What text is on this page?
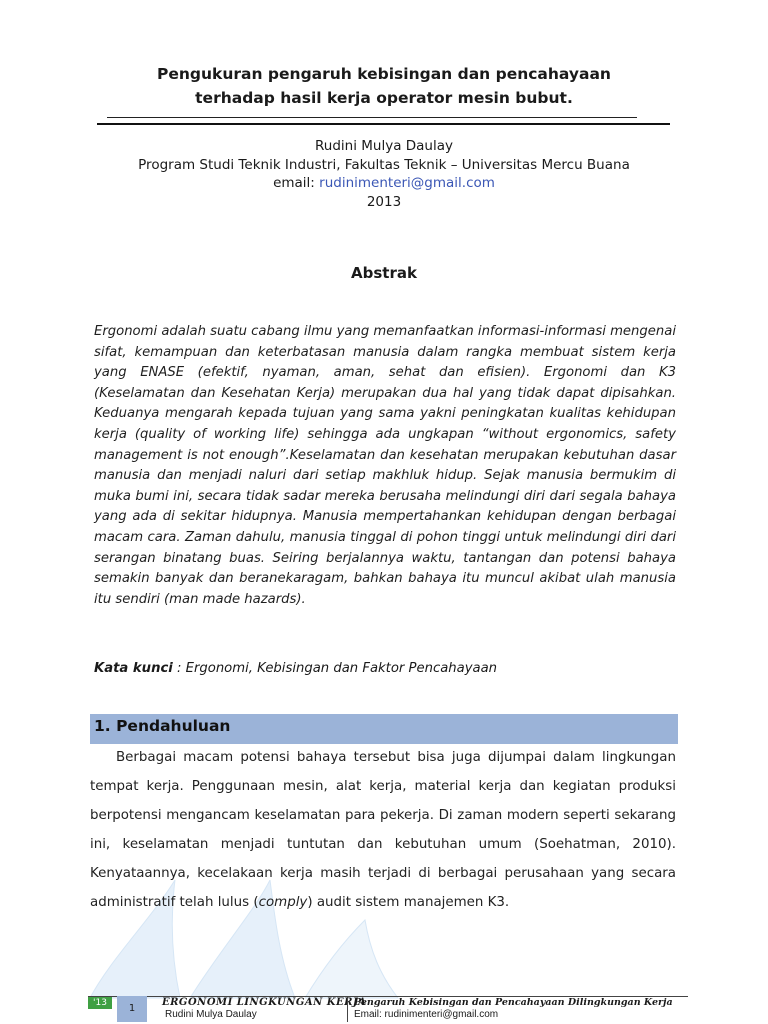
Pengukuran pengaruh kebisingan dan pencahayaan
terhadap hasil kerja operator mesin bubut.
Rudini Mulya Daulay
Program Studi Teknik Industri, Fakultas Teknik – Universitas Mercu Buana
email: rudinimenteri@gmail.com
2013
Abstrak
Ergonomi adalah suatu cabang ilmu yang memanfaatkan informasi-informasi mengenai sifat, kemampuan dan keterbatasan manusia dalam rangka membuat sistem kerja yang ENASE (efektif, nyaman, aman, sehat dan efisien). Ergonomi dan K3 (Keselamatan dan Kesehatan Kerja) merupakan dua hal yang tidak dapat dipisahkan. Keduanya mengarah kepada tujuan yang sama yakni peningkatan kualitas kehidupan kerja (quality of working life) sehingga ada ungkapan “without ergonomics, safety management is not enough”.Keselamatan dan kesehatan merupakan kebutuhan dasar manusia dan menjadi naluri dari setiap makhluk hidup. Sejak manusia bermukim di muka bumi ini, secara tidak sadar mereka berusaha melindungi diri dari segala bahaya yang ada di sekitar hidupnya. Manusia mempertahankan kehidupan dengan berbagai macam cara. Zaman dahulu, manusia tinggal di pohon tinggi untuk melindungi diri dari serangan binatang buas. Seiring berjalannya waktu, tantangan dan potensi bahaya semakin banyak dan beranekaragam, bahkan bahaya itu muncul akibat ulah manusia itu sendiri (man made hazards).
Kata kunci : Ergonomi, Kebisingan dan Faktor Pencahayaan
1. Pendahuluan
Berbagai macam potensi bahaya tersebut bisa juga dijumpai dalam lingkungan tempat kerja. Penggunaan mesin, alat kerja, material kerja dan kegiatan produksi berpotensi mengancam keselamatan para pekerja. Di zaman modern seperti sekarang ini, keselamatan menjadi tuntutan dan kebutuhan umum (Soehatman, 2010). Kenyataannya, kecelakaan kerja masih terjadi di berbagai perusahaan yang secara administratif telah lulus (comply) audit sistem manajemen K3.
'13	1
ERGONOMI LINGKUNGAN KERJA
Rudini Mulya Daulay
Pengaruh Kebisingan dan Pencahayaan Dilingkungan Kerja
Email: rudinimenteri@gmail.com
